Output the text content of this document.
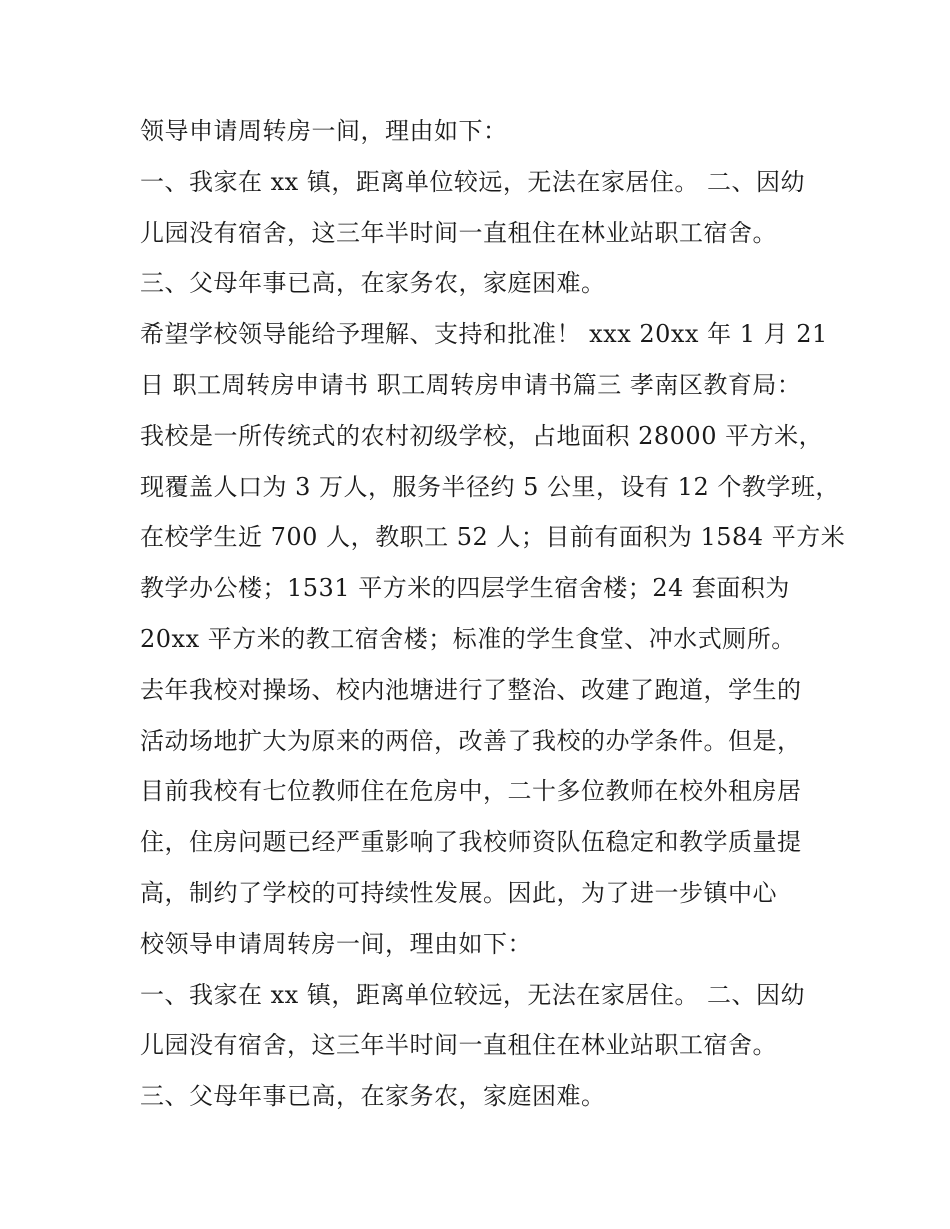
领导申请周转房一间，理由如下：
一、我家在 xx 镇，距离单位较远，无法在家居住。 二、因幼
儿园没有宿舍，这三年半时间一直租住在林业站职工宿舍。
三、父母年事已高，在家务农，家庭困难。
希望学校领导能给予理解、支持和批准！ xxx 20xx 年 1 月 21
日 职工周转房申请书 职工周转房申请书篇三 孝南区教育局：
我校是一所传统式的农村初级学校，占地面积 28000 平方米，
现覆盖人口为 3 万人，服务半径约 5 公里，设有 12 个教学班，
在校学生近 700 人，教职工 52 人；目前有面积为 1584 平方米
教学办公楼；1531 平方米的四层学生宿舍楼；24 套面积为
20xx 平方米的教工宿舍楼；标准的学生食堂、冲水式厕所。
去年我校对操场、校内池塘进行了整治、改建了跑道，学生的
活动场地扩大为原来的两倍，改善了我校的办学条件。但是，
目前我校有七位教师住在危房中，二十多位教师在校外租房居
住，住房问题已经严重影响了我校师资队伍稳定和教学质量提
高，制约了学校的可持续性发展。因此，为了进一步镇中心
校领导申请周转房一间，理由如下：
一、我家在 xx 镇，距离单位较远，无法在家居住。 二、因幼
儿园没有宿舍，这三年半时间一直租住在林业站职工宿舍。
三、父母年事已高，在家务农，家庭困难。
